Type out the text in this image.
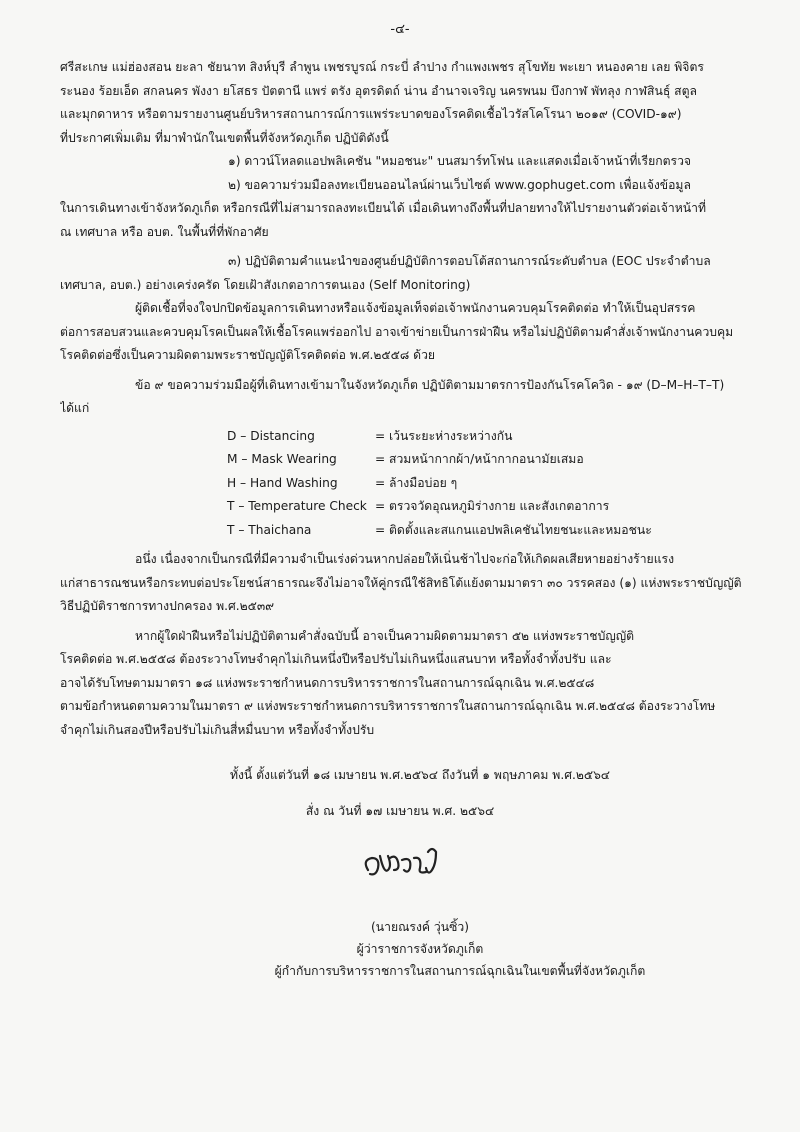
-๔-
ศรีสะเกษ แม่ฮ่องสอน ยะลา ชัยนาท สิงห์บุรี ลำพูน เพชรบูรณ์ กระบี่ ลำปาง กำแพงเพชร สุโขทัย พะเยา หนองคาย เลย พิจิตร
ระนอง ร้อยเอ็ด สกลนคร พังงา ยโสธร ปัตตานี แพร่ ตรัง อุตรดิตถ์ น่าน อำนาจเจริญ นครพนม บึงกาฬ พัทลุง กาฬสินธุ์ สตูล
และมุกดาหาร หรือตามรายงานศูนย์บริหารสถานการณ์การแพร่ระบาดของโรคติดเชื้อไวรัสโคโรนา ๒๐๑๙ (COVID-๑๙)
ที่ประกาศเพิ่มเติม ที่มาพำนักในเขตพื้นที่จังหวัดภูเก็ต ปฏิบัติดังนี้
๑) ดาวน์โหลดแอปพลิเคชัน "หมอชนะ" บนสมาร์ทโฟน และแสดงเมื่อเจ้าหน้าที่เรียกตรวจ
๒) ขอความร่วมมือลงทะเบียนออนไลน์ผ่านเว็บไซต์ www.gophuget.com เพื่อแจ้งข้อมูล
ในการเดินทางเข้าจังหวัดภูเก็ต หรือกรณีที่ไม่สามารถลงทะเบียนได้ เมื่อเดินทางถึงพื้นที่ปลายทางให้ไปรายงานตัวต่อเจ้าหน้าที่
ณ เทศบาล หรือ อบต. ในพื้นที่ที่พักอาศัย
๓) ปฏิบัติตามคำแนะนำของศูนย์ปฏิบัติการตอบโต้สถานการณ์ระดับตำบล (EOC ประจำตำบล
เทศบาล, อบต.) อย่างเคร่งครัด โดยเฝ้าสังเกตอาการตนเอง (Self Monitoring)
ผู้ติดเชื้อที่จงใจปกปิดข้อมูลการเดินทางหรือแจ้งข้อมูลเท็จต่อเจ้าพนักงานควบคุมโรคติดต่อ ทำให้เป็นอุปสรรค
ต่อการสอบสวนและควบคุมโรคเป็นผลให้เชื้อโรคแพร่ออกไป อาจเข้าข่ายเป็นการฝ่าฝืน หรือไม่ปฏิบัติตามคำสั่งเจ้าพนักงานควบคุม
โรคติดต่อซึ่งเป็นความผิดตามพระราชบัญญัติโรคติดต่อ พ.ศ.๒๕๕๘ ด้วย
ข้อ ๙ ขอความร่วมมือผู้ที่เดินทางเข้ามาในจังหวัดภูเก็ต ปฏิบัติตามมาตรการป้องกันโรคโควิด - ๑๙ (D–M–H–T–T)
ได้แก่
D – Distancing	= เว้นระยะห่างระหว่างกัน
M – Mask Wearing	= สวมหน้ากากผ้า/หน้ากากอนามัยเสมอ
H – Hand Washing	= ล้างมือบ่อย ๆ
T – Temperature Check = ตรวจวัดอุณหภูมิร่างกาย และสังเกตอาการ
T – Thaichana	= ติดตั้งและสแกนแอปพลิเคชันไทยชนะและหมอชนะ
อนึ่ง เนื่องจากเป็นกรณีที่มีความจำเป็นเร่งด่วนหากปล่อยให้เนิ่นช้าไปจะก่อให้เกิดผลเสียหายอย่างร้ายแรง
แก่สาธารณชนหรือกระทบต่อประโยชน์สาธารณะจึงไม่อาจให้คู่กรณีใช้สิทธิโต้แย้งตามมาตรา ๓๐ วรรคสอง (๑) แห่งพระราชบัญญัติ
วิธีปฏิบัติราชการทางปกครอง พ.ศ.๒๕๓๙
หากผู้ใดฝ่าฝืนหรือไม่ปฏิบัติตามคำสั่งฉบับนี้ อาจเป็นความผิดตามมาตรา ๕๒ แห่งพระราชบัญญัติ
โรคติดต่อ พ.ศ.๒๕๕๘ ต้องระวางโทษจำคุกไม่เกินหนึ่งปีหรือปรับไม่เกินหนึ่งแสนบาท หรือทั้งจำทั้งปรับ และ
อาจได้รับโทษตามมาตรา ๑๘ แห่งพระราชกำหนดการบริหารราชการในสถานการณ์ฉุกเฉิน พ.ศ.๒๕๔๘
ตามข้อกำหนดตามความในมาตรา ๙ แห่งพระราชกำหนดการบริหารราชการในสถานการณ์ฉุกเฉิน พ.ศ.๒๕๔๘ ต้องระวางโทษ
จำคุกไม่เกินสองปีหรือปรับไม่เกินสี่หมื่นบาท หรือทั้งจำทั้งปรับ
ทั้งนี้ ตั้งแต่วันที่ ๑๘ เมษายน พ.ศ.๒๕๖๔ ถึงวันที่ ๑ พฤษภาคม พ.ศ.๒๕๖๔
สั่ง ณ วันที่ ๑๗ เมษายน พ.ศ. ๒๕๖๔
(นายณรงค์ วุ่นซิ้ว)
ผู้ว่าราชการจังหวัดภูเก็ต
ผู้กำกับการบริหารราชการในสถานการณ์ฉุกเฉินในเขตพื้นที่จังหวัดภูเก็ต
